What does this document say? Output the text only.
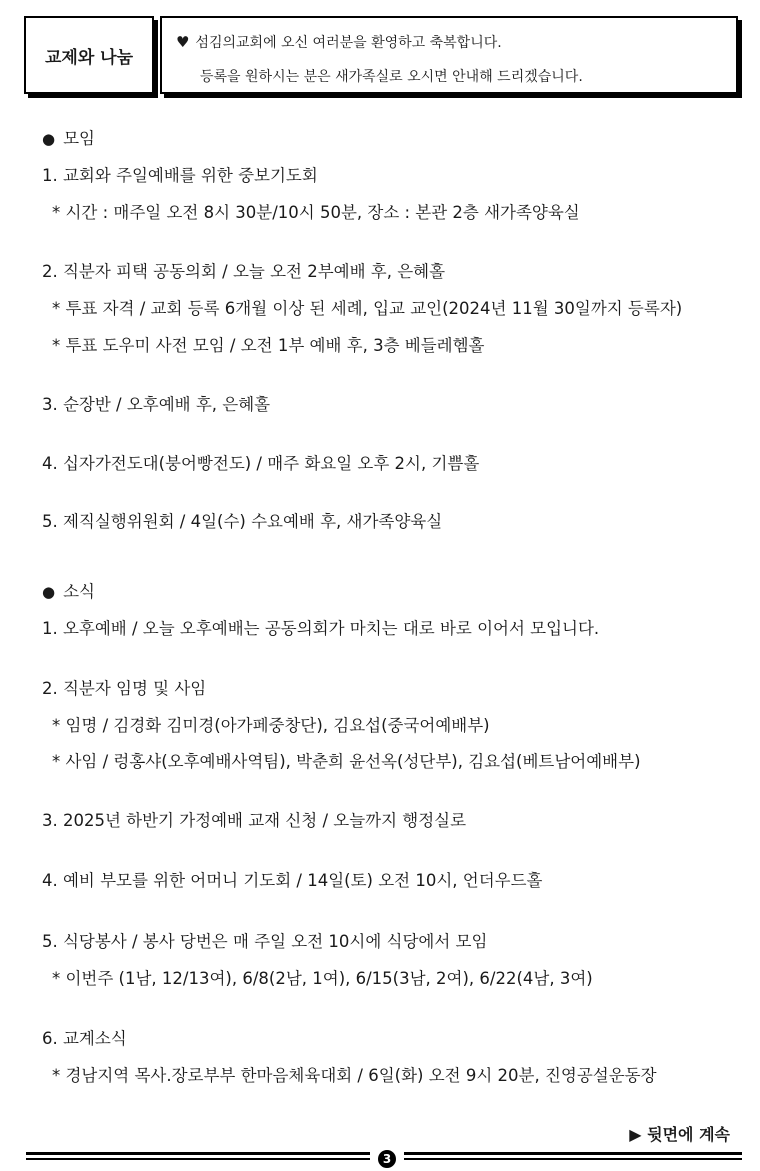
교제와 나눔
♥ 섬김의교회에 오신 여러분을 환영하고 축복합니다.
등록을 원하시는 분은 새가족실로 오시면 안내해 드리겠습니다.
● 모임
1. 교회와 주일예배를 위한 중보기도회
* 시간 : 매주일 오전 8시 30분/10시 50분, 장소 : 본관 2층 새가족양육실
2. 직분자 피택 공동의회 / 오늘 오전 2부예배 후, 은혜홀
* 투표 자격 / 교회 등록 6개월 이상 된 세례, 입교 교인(2024년 11월 30일까지 등록자)
* 투표 도우미 사전 모임 / 오전 1부 예배 후, 3층 베들레헴홀
3. 순장반 / 오후예배 후, 은혜홀
4. 십자가전도대(붕어빵전도) / 매주 화요일 오후 2시, 기쁨홀
5. 제직실행위원회 / 4일(수) 수요예배 후, 새가족양육실
● 소식
1. 오후예배 / 오늘 오후예배는 공동의회가 마치는 대로 바로 이어서 모입니다.
2. 직분자 임명 및 사임
* 임명 / 김경화 김미경(아가페중창단), 김요섭(중국어예배부)
* 사임 / 렁홍샤(오후예배사역팀), 박춘희 윤선옥(성단부), 김요섭(베트남어예배부)
3. 2025년 하반기 가정예배 교재 신청 / 오늘까지 행정실로
4. 예비 부모를 위한 어머니 기도회 / 14일(토) 오전 10시, 언더우드홀
5. 식당봉사 / 봉사 당번은 매 주일 오전 10시에 식당에서 모임
* 이번주 (1남, 12/13여), 6/8(2남, 1여), 6/15(3남, 2여), 6/22(4남, 3여)
6. 교계소식
* 경남지역 목사.장로부부 한마음체육대회 / 6일(화) 오전 9시 20분, 진영공설운동장
▶ 뒷면에 계속
3
